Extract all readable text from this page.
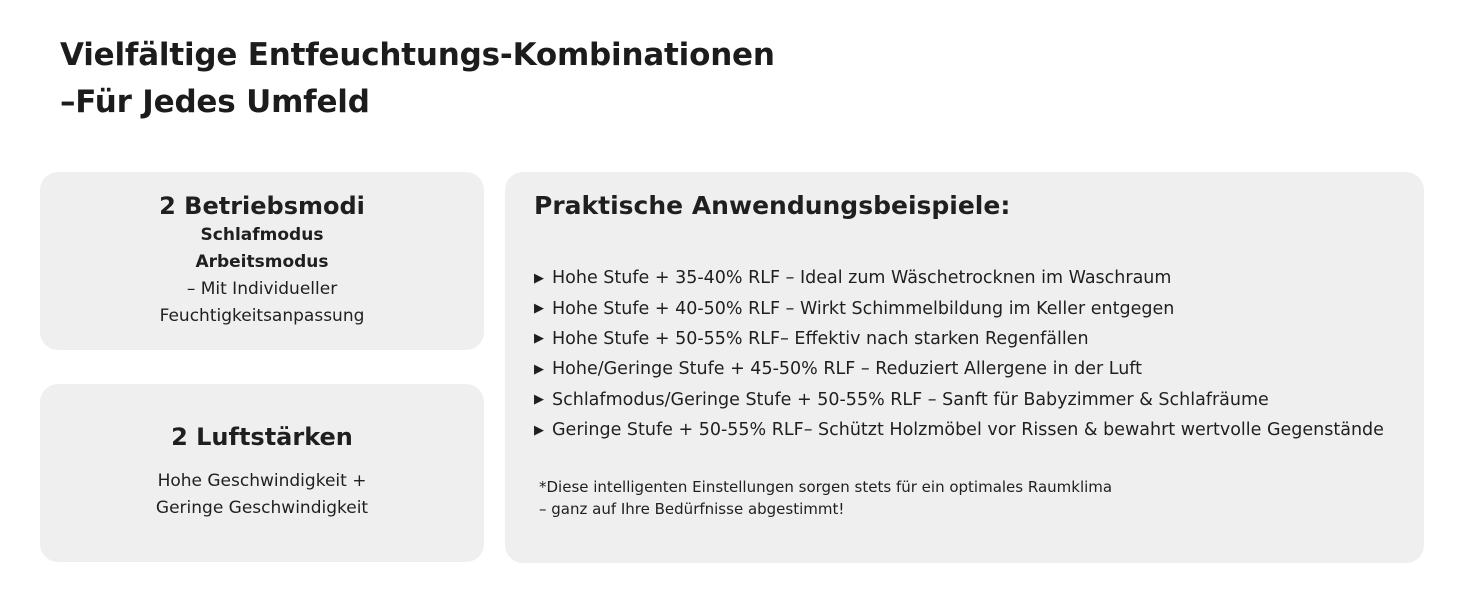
Vielfältige Entfeuchtungs-Kombinationen
–Für Jedes Umfeld
2 Betriebsmodi
Schlafmodus
Arbeitsmodus
– Mit Individueller
Feuchtigkeitsanpassung
2 Luftstärken
Hohe Geschwindigkeit +
Geringe Geschwindigkeit
Praktische Anwendungsbeispiele:
▶ Hohe Stufe + 35-40% RLF – Ideal zum Wäschetrocknen im Waschraum
▶ Hohe Stufe + 40-50% RLF – Wirkt Schimmelbildung im Keller entgegen
▶ Hohe Stufe + 50-55% RLF– Effektiv nach starken Regenfällen
▶ Hohe/Geringe Stufe + 45-50% RLF – Reduziert Allergene in der Luft
▶ Schlafmodus/Geringe Stufe + 50-55% RLF – Sanft für Babyzimmer & Schlafräume
▶ Geringe Stufe + 50-55% RLF– Schützt Holzmöbel vor Rissen & bewahrt wertvolle Gegenstände
*Diese intelligenten Einstellungen sorgen stets für ein optimales Raumklima
– ganz auf Ihre Bedürfnisse abgestimmt!
